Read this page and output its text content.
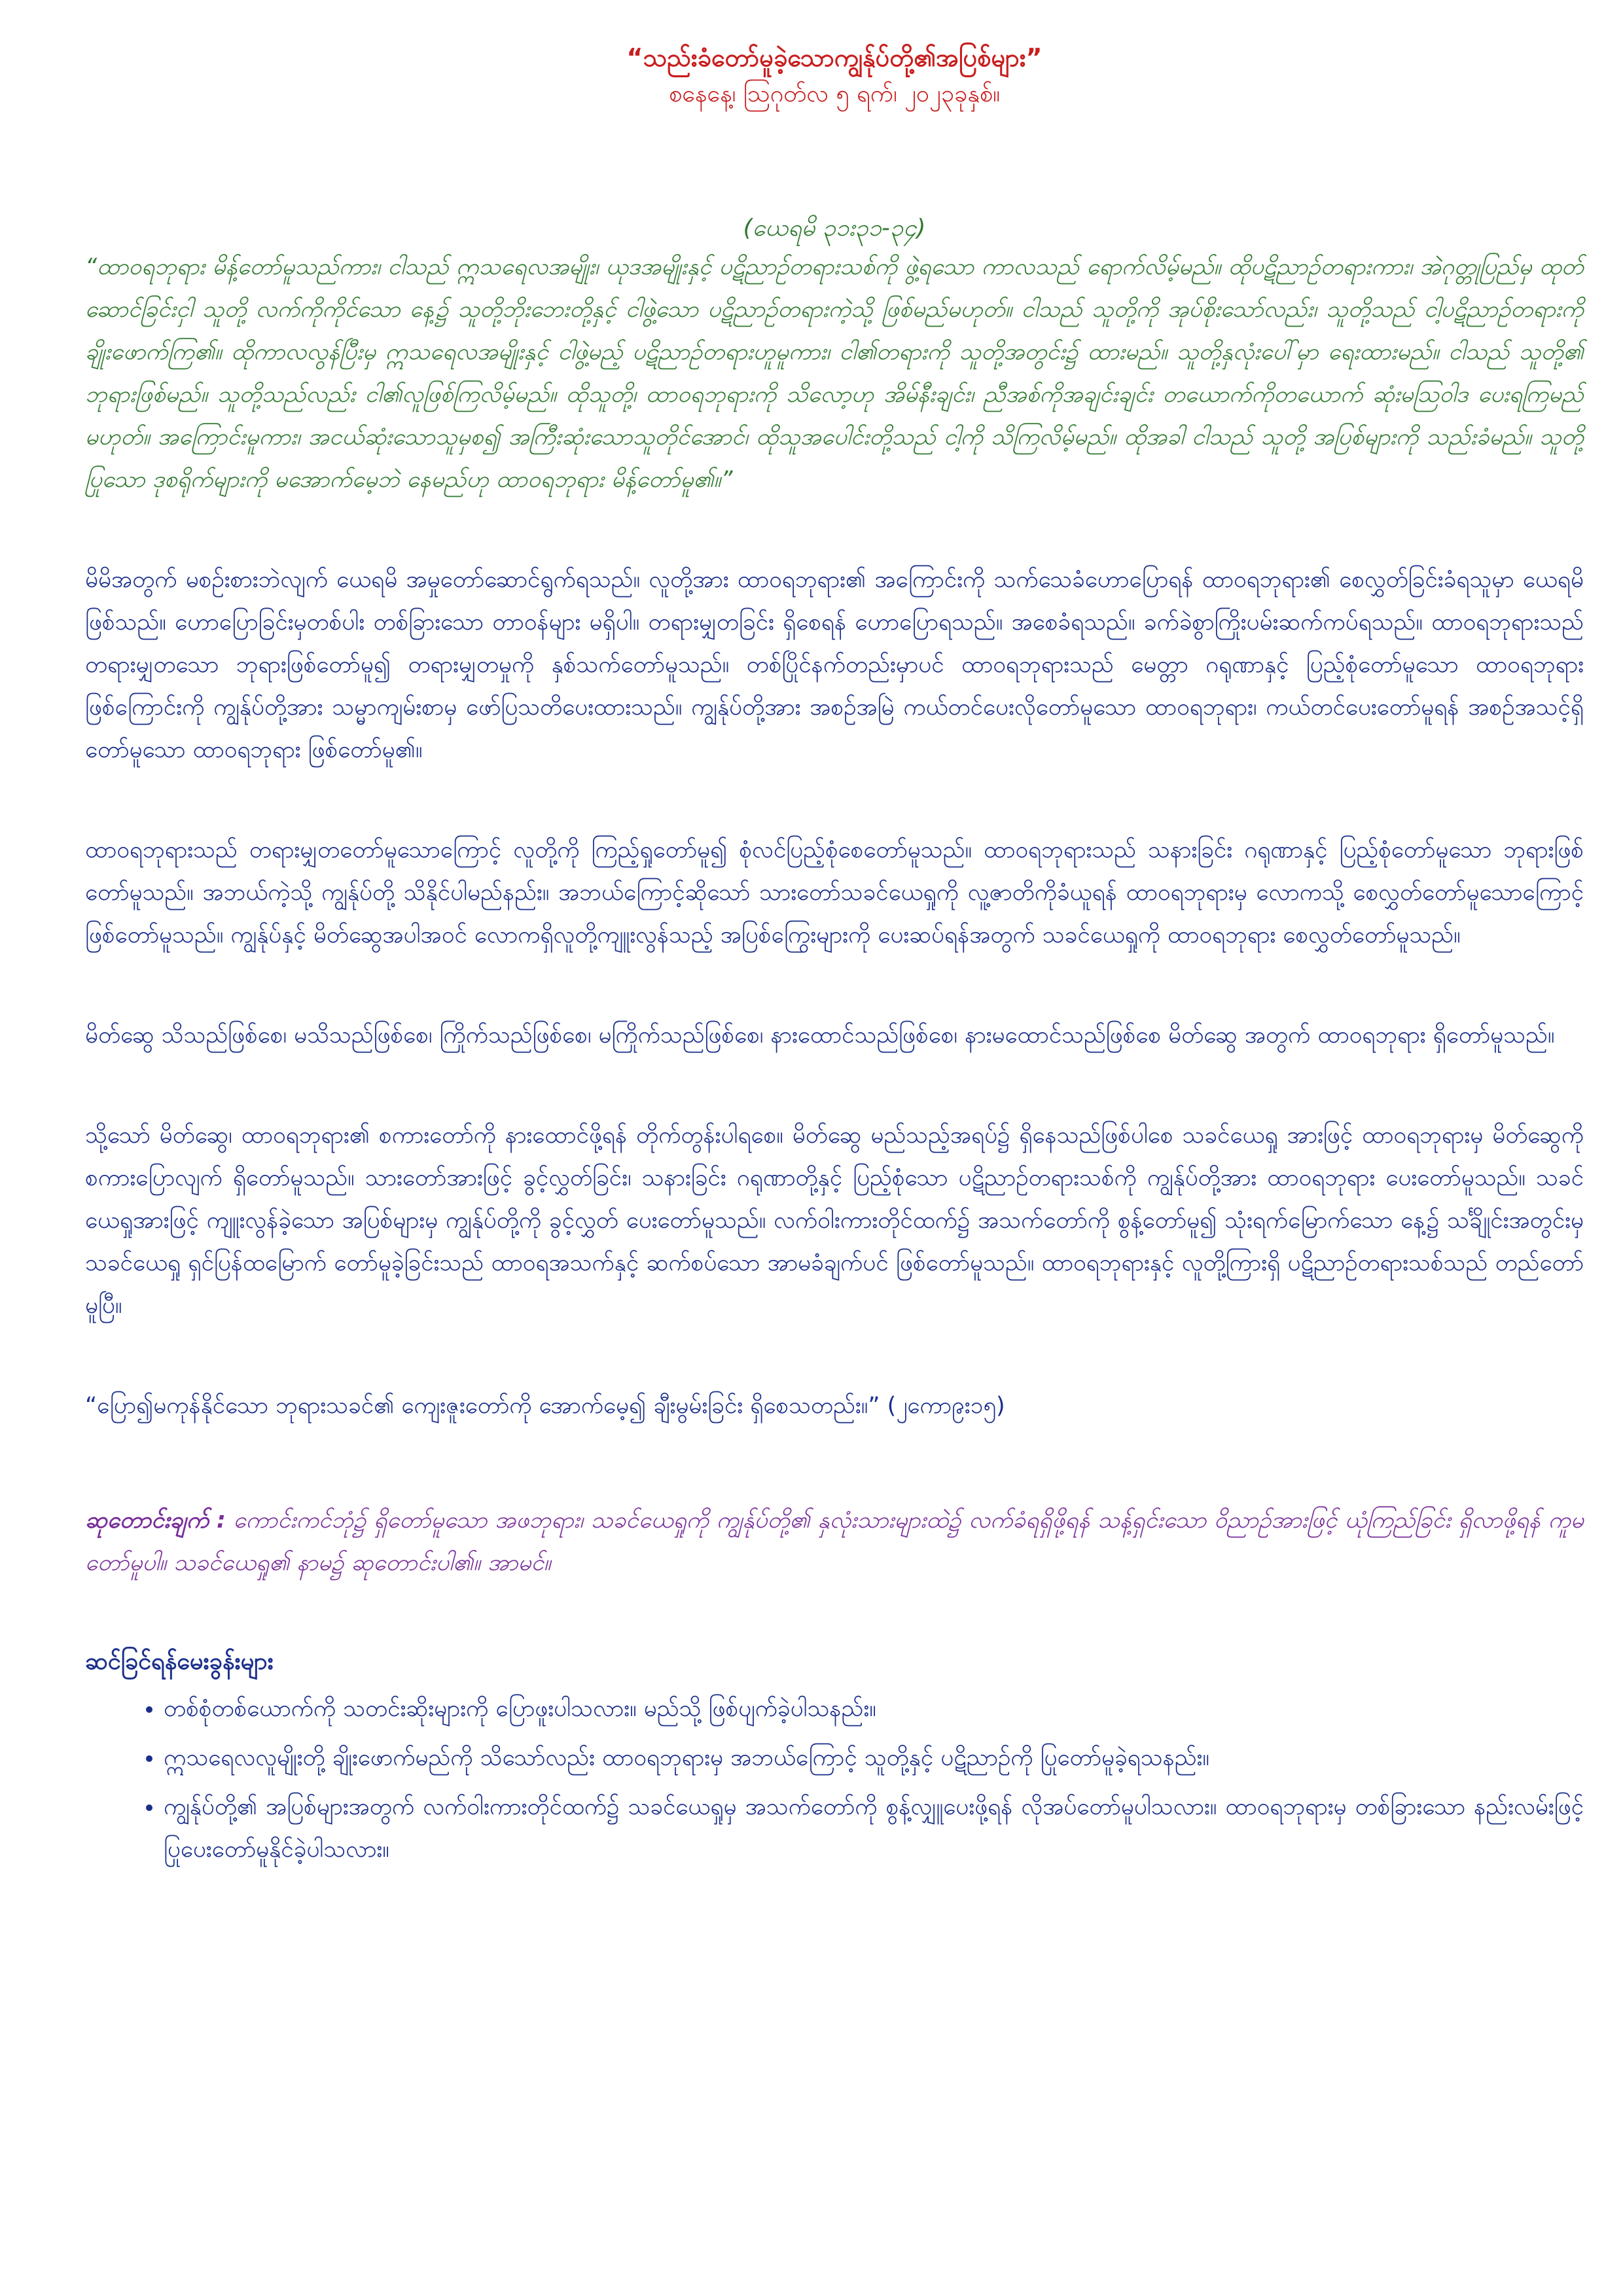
“သည်းခံတော်မူခဲ့သောကျွန်ုပ်တို့၏အပြစ်များ”

စနေနေ့၊ ဩဂုတ်လ ၅ ရက်၊ ၂၀၂၃ခုနှစ်။

(ယေရမိ ၃၁း၃၁-၃၄)

“ထာဝရဘုရား မိန့်တော်မူသည်ကား၊ ငါသည် ဣသရေလအမျိုး၊ ယုဒအမျိုးနှင့် ပဋိညာဉ်တရားသစ်ကို ဖွဲ့ရသော ကာလသည် ရောက်လိမ့်မည်။ ထိုပဋိညာဉ်တရားကား၊ အဲဂုတ္တုပြည်မှ ထုတ်ဆောင်ခြင်းငှါ သူတို့ လက်ကိုကိုင်သော နေ့၌ သူတို့ဘိုးဘေးတို့နှင့် ငါဖွဲ့သော ပဋိညာဉ်တရားကဲ့သို့ ဖြစ်မည်မဟုတ်။ ငါသည် သူတို့ကို အုပ်စိုးသော်လည်း၊ သူတို့သည် ငါ့ပဋိညာဉ်တရားကို ချိုးဖောက်ကြ၏။ ထိုကာလလွန်ပြီးမှ ဣသရေလအမျိုးနှင့် ငါဖွဲ့မည့် ပဋိညာဉ်တရားဟူမူကား၊ ငါ၏တရားကို သူတို့အတွင်း၌ ထားမည်။ သူတို့နှလုံးပေါ်မှာ ရေးထားမည်။ ငါသည် သူတို့၏ ဘုရားဖြစ်မည်။ သူတို့သည်လည်း ငါ၏လူဖြစ်ကြလိမ့်မည်။ ထိုသူတို့၊ ထာဝရဘုရားကို သိလော့ဟု အိမ်နီးချင်း၊ ညီအစ်ကိုအချင်းချင်း တယောက်ကိုတယောက် ဆုံးမသြဝါဒ ပေးရကြမည် မဟုတ်။ အကြောင်းမူကား၊ အငယ်ဆုံးသောသူမှစ၍ အကြီးဆုံးသောသူတိုင်အောင်၊ ထိုသူအပေါင်းတို့သည် ငါ့ကို သိကြလိမ့်မည်။ ထိုအခါ ငါသည် သူတို့ အပြစ်များကို သည်းခံမည်။ သူတို့ပြုသော ဒုစရိုက်များကို မအောက်မေ့ဘဲ နေမည်ဟု ထာဝရဘုရား မိန့်တော်မူ၏။”

မိမိအတွက် မစဉ်းစားဘဲလျက် ယေရမိ အမှုတော်ဆောင်ရွက်ရသည်။ လူတို့အား ထာဝရဘုရား၏ အကြောင်းကို သက်သေခံဟောပြောရန် ထာဝရဘုရား၏ စေလွှတ်ခြင်းခံရသူမှာ ယေရမိဖြစ်သည်။ ဟောပြောခြင်းမှတစ်ပါး တစ်ခြားသော တာဝန်များ မရှိပါ။ တရားမျှတခြင်း ရှိစေရန် ဟောပြောရသည်။ အစေခံရသည်။ ခက်ခဲစွာကြိုးပမ်းဆက်ကပ်ရသည်။ ထာဝရဘုရားသည် တရားမျှတသော ဘုရားဖြစ်တော်မူ၍ တရားမျှတမှုကို နှစ်သက်တော်မူသည်။ တစ်ပြိုင်နက်တည်းမှာပင် ထာဝရဘုရားသည် မေတ္တာ ဂရုဏာနှင့် ပြည့်စုံတော်မူသော ထာဝရဘုရား ဖြစ်ကြောင်းကို ကျွန်ုပ်တို့အား သမ္မာကျမ်းစာမှ ဖော်ပြသတိပေးထားသည်။ ကျွန်ုပ်တို့အား အစဉ်အမြဲ ကယ်တင်ပေးလိုတော်မူသော ထာဝရဘုရား၊ ကယ်တင်ပေးတော်မူရန် အစဉ်အသင့်ရှိတော်မူသော ထာဝရဘုရား ဖြစ်တော်မူ၏။

ထာဝရဘုရားသည် တရားမျှတတော်မူသောကြောင့် လူတို့ကို ကြည့်ရှုတော်မူ၍ စုံလင်ပြည့်စုံစေတော်မူသည်။ ထာဝရဘုရားသည် သနားခြင်း ဂရုဏာနှင့် ပြည့်စုံတော်မူသော ဘုရားဖြစ်တော်မူသည်။ အဘယ်ကဲ့သို့ ကျွန်ုပ်တို့ သိနိုင်ပါမည်နည်း။ အဘယ်ကြောင့်ဆိုသော် သားတော်သခင်ယေရှုကို လူ့ဇာတိကိုခံယူရန် ထာဝရဘုရားမှ လောကသို့ စေလွှတ်တော်မူသောကြောင့် ဖြစ်တော်မူသည်။ ကျွန်ုပ်နှင့် မိတ်ဆွေအပါအဝင် လောကရှိလူတို့ကျူးလွန်သည့် အပြစ်ကြွေးများကို ပေးဆပ်ရန်အတွက် သခင်ယေရှုကို ထာဝရဘုရား စေလွှတ်တော်မူသည်။

မိတ်ဆွေ သိသည်ဖြစ်စေ၊ မသိသည်ဖြစ်စေ၊ ကြိုက်သည်ဖြစ်စေ၊ မကြိုက်သည်ဖြစ်စေ၊ နားထောင်သည်ဖြစ်စေ၊ နားမထောင်သည်ဖြစ်စေ မိတ်ဆွေ အတွက် ထာဝရဘုရား ရှိတော်မူသည်။

သို့သော် မိတ်ဆွေ၊ ထာဝရဘုရား၏ စကားတော်ကို နားထောင်ဖို့ရန် တိုက်တွန်းပါရစေ။ မိတ်ဆွေ မည်သည့်အရပ်၌ ရှိနေသည်ဖြစ်ပါစေ သခင်ယေရှု အားဖြင့် ထာဝရဘုရားမှ မိတ်ဆွေကို စကားပြောလျက် ရှိတော်မူသည်။ သားတော်အားဖြင့် ခွင့်လွှတ်ခြင်း၊ သနားခြင်း ဂရုဏာတို့နှင့် ပြည့်စုံသော ပဋိညာဉ်တရားသစ်ကို ကျွန်ုပ်တို့အား ထာဝရဘုရား ပေးတော်မူသည်။ သခင်ယေရှုအားဖြင့် ကျူးလွန်ခဲ့သော အပြစ်များမှ ကျွန်ုပ်တို့ကို ခွင့်လွှတ် ပေးတော်မူသည်။ လက်ဝါးကားတိုင်ထက်၌ အသက်တော်ကို စွန့်တော်မူ၍ သုံးရက်မြောက်သော နေ့၌ သင်္ချိုင်းအတွင်းမှ သခင်ယေရှု ရှင်ပြန်ထမြောက် တော်မူခဲ့ခြင်းသည် ထာဝရအသက်နှင့် ဆက်စပ်သော အာမခံချက်ပင် ဖြစ်တော်မူသည်။ ထာဝရဘုရားနှင့် လူတို့ကြားရှိ ပဋိညာဉ်တရားသစ်သည် တည်တော်မူပြီ။

“ပြော၍မကုန်နိုင်သော ဘုရားသခင်၏ ကျေးဇူးတော်ကို အောက်မေ့၍ ချီးမွမ်းခြင်း ရှိစေသတည်း။” (၂ကော၉း၁၅)

ဆုတောင်းချက် : ကောင်းကင်ဘုံ၌ ရှိတော်မူသော အဖဘုရား၊ သခင်ယေရှုကို ကျွန်ုပ်တို့၏ နှလုံးသားများထဲ၌ လက်ခံရရှိဖို့ရန် သန့်ရှင်းသော ဝိညာဉ်အားဖြင့် ယုံကြည်ခြင်း ရှိလာဖို့ရန် ကူမတော်မူပါ။ သခင်ယေရှု၏ နာမ၌ ဆုတောင်းပါ၏။ အာမင်။

ဆင်ခြင်ရန်မေးခွန်းများ

• တစ်စုံတစ်ယောက်ကို သတင်းဆိုးများကို ပြောဖူးပါသလား။ မည်သို့ ဖြစ်ပျက်ခဲ့ပါသနည်း။
• ဣသရေလလူမျိုးတို့ ချိုးဖောက်မည်ကို သိသော်လည်း ထာဝရဘုရားမှ အဘယ်ကြောင့် သူတို့နှင့် ပဋိညာဉ်ကို ပြုတော်မူခဲ့ရသနည်း။
• ကျွန်ုပ်တို့၏ အပြစ်များအတွက် လက်ဝါးကားတိုင်ထက်၌ သခင်ယေရှုမှ အသက်တော်ကို စွန့်လျှူပေးဖို့ရန် လိုအပ်တော်မူပါသလား။ ထာဝရဘုရားမှ တစ်ခြားသော နည်းလမ်းဖြင့် ပြုပေးတော်မူနိုင်ခဲ့ပါသလား။
